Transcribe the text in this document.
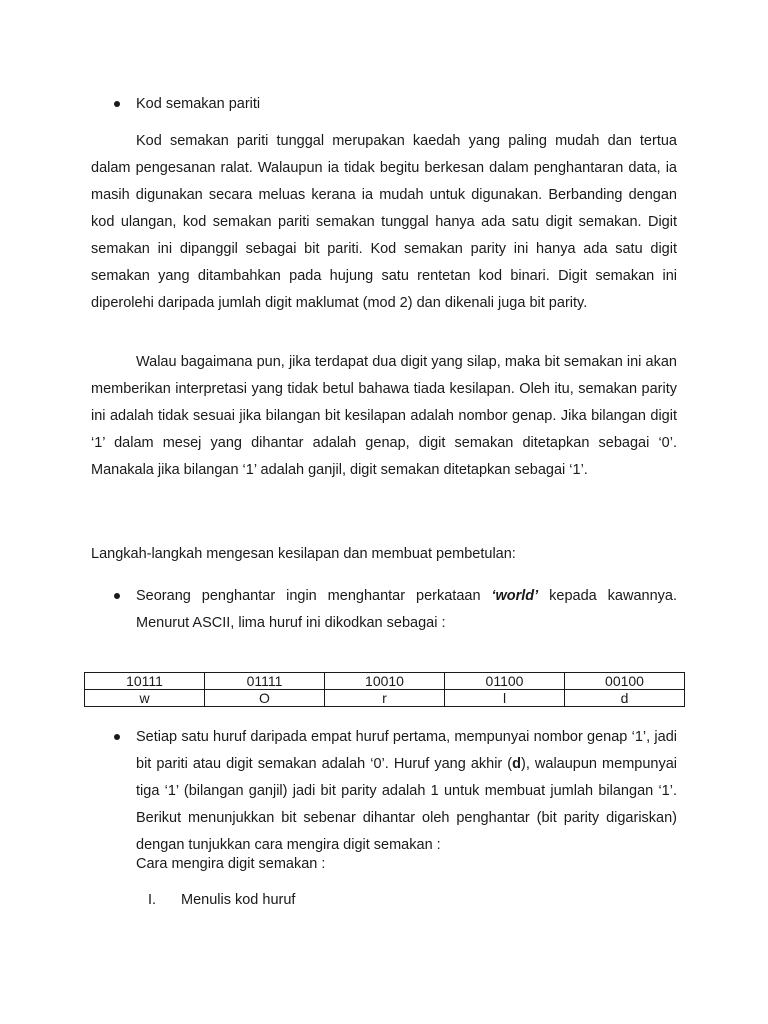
Kod semakan pariti
Kod semakan pariti tunggal merupakan kaedah yang paling mudah dan tertua dalam pengesanan ralat. Walaupun ia tidak begitu berkesan dalam penghantaran data, ia masih digunakan secara meluas kerana ia mudah untuk digunakan. Berbanding dengan kod ulangan, kod semakan pariti semakan tunggal hanya ada satu digit semakan. Digit semakan ini dipanggil sebagai bit pariti. Kod semakan parity ini hanya ada satu digit semakan yang ditambahkan pada hujung satu rentetan kod binari. Digit semakan ini diperolehi daripada jumlah digit maklumat (mod 2) dan dikenali juga bit parity.
Walau bagaimana pun, jika terdapat dua digit yang silap, maka bit semakan ini akan memberikan interpretasi yang tidak betul bahawa tiada kesilapan. Oleh itu, semakan parity ini adalah tidak sesuai jika bilangan bit kesilapan adalah nombor genap. Jika bilangan digit ‘1’ dalam mesej yang dihantar adalah genap, digit semakan ditetapkan sebagai ‘0’. Manakala jika bilangan ‘1’ adalah ganjil, digit semakan ditetapkan sebagai ‘1’.
Langkah-langkah mengesan kesilapan dan membuat pembetulan:
Seorang penghantar ingin menghantar perkataan ‘world’ kepada kawannya. Menurut ASCII, lima huruf ini dikodkan sebagai :
10111	01111	10010	01100	00100
w	O	r	l	d
Setiap satu huruf daripada empat huruf pertama, mempunyai nombor genap ‘1’, jadi bit pariti atau digit semakan adalah ‘0’. Huruf yang akhir (d), walaupun mempunyai tiga ‘1’ (bilangan ganjil) jadi bit parity adalah 1 untuk membuat jumlah bilangan ‘1’. Berikut menunjukkan bit sebenar dihantar oleh penghantar (bit parity digariskan) dengan tunjukkan cara mengira digit semakan :
Cara mengira digit semakan :
I. Menulis kod huruf
